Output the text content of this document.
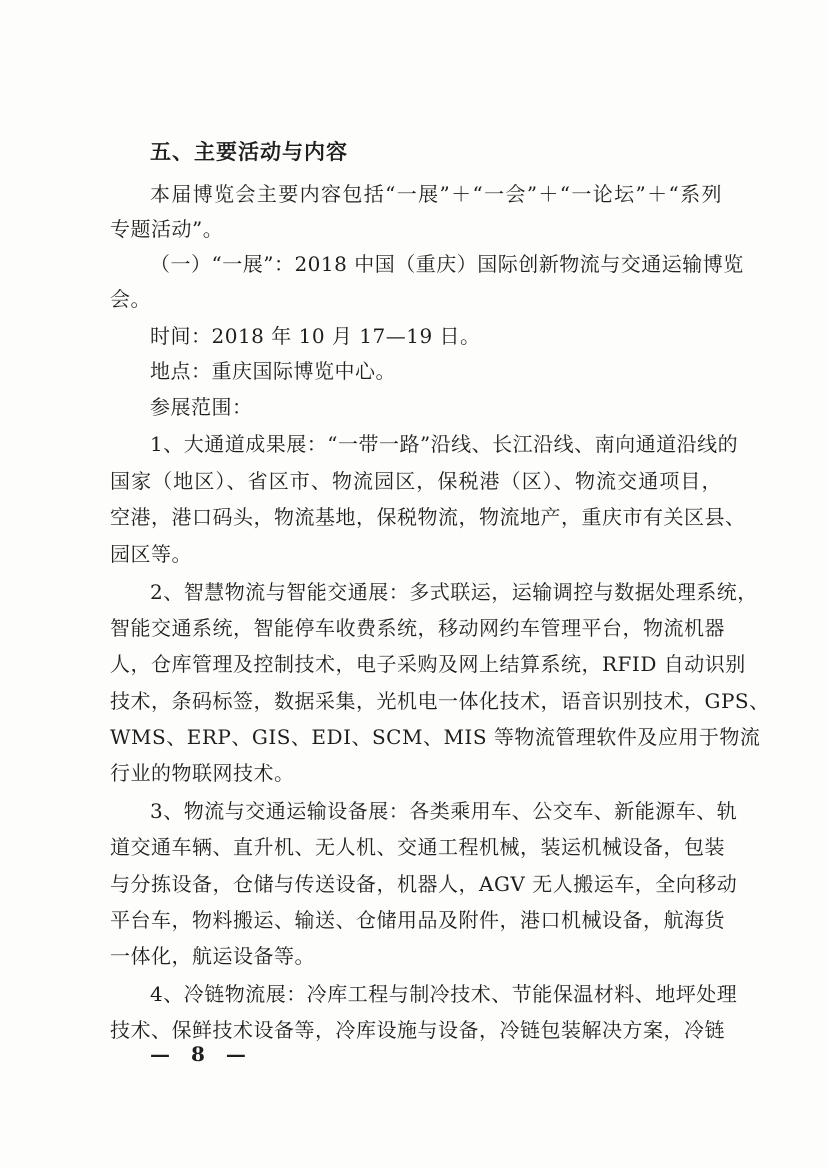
五、主要活动与内容
本届博览会主要内容包括“一展”＋“一会”＋“一论坛”＋“系列
专题活动”。
（一）“一展”：2018 中国（重庆）国际创新物流与交通运输博览
会。
时间：2018 年 10 月 17—19 日。
地点：重庆国际博览中心。
参展范围：
1、大通道成果展：“一带一路”沿线、长江沿线、南向通道沿线的
国家（地区）、省区市、物流园区，保税港（区）、物流交通项目，
空港，港口码头，物流基地，保税物流，物流地产，重庆市有关区县、
园区等。
2、智慧物流与智能交通展：多式联运，运输调控与数据处理系统，
智能交通系统，智能停车收费系统，移动网约车管理平台，物流机器
人，仓库管理及控制技术，电子采购及网上结算系统，RFID 自动识别
技术，条码标签，数据采集，光机电一体化技术，语音识别技术，GPS、
WMS、ERP、GIS、EDI、SCM、MIS 等物流管理软件及应用于物流
行业的物联网技术。
3、物流与交通运输设备展：各类乘用车、公交车、新能源车、轨
道交通车辆、直升机、无人机、交通工程机械，装运机械设备，包装
与分拣设备，仓储与传送设备，机器人，AGV 无人搬运车，全向移动
平台车，物料搬运、输送、仓储用品及附件，港口机械设备，航海货
一体化，航运设备等。
4、冷链物流展：冷库工程与制冷技术、节能保温材料、地坪处理
技术、保鲜技术设备等，冷库设施与设备，冷链包装解决方案，冷链
— 8 —
